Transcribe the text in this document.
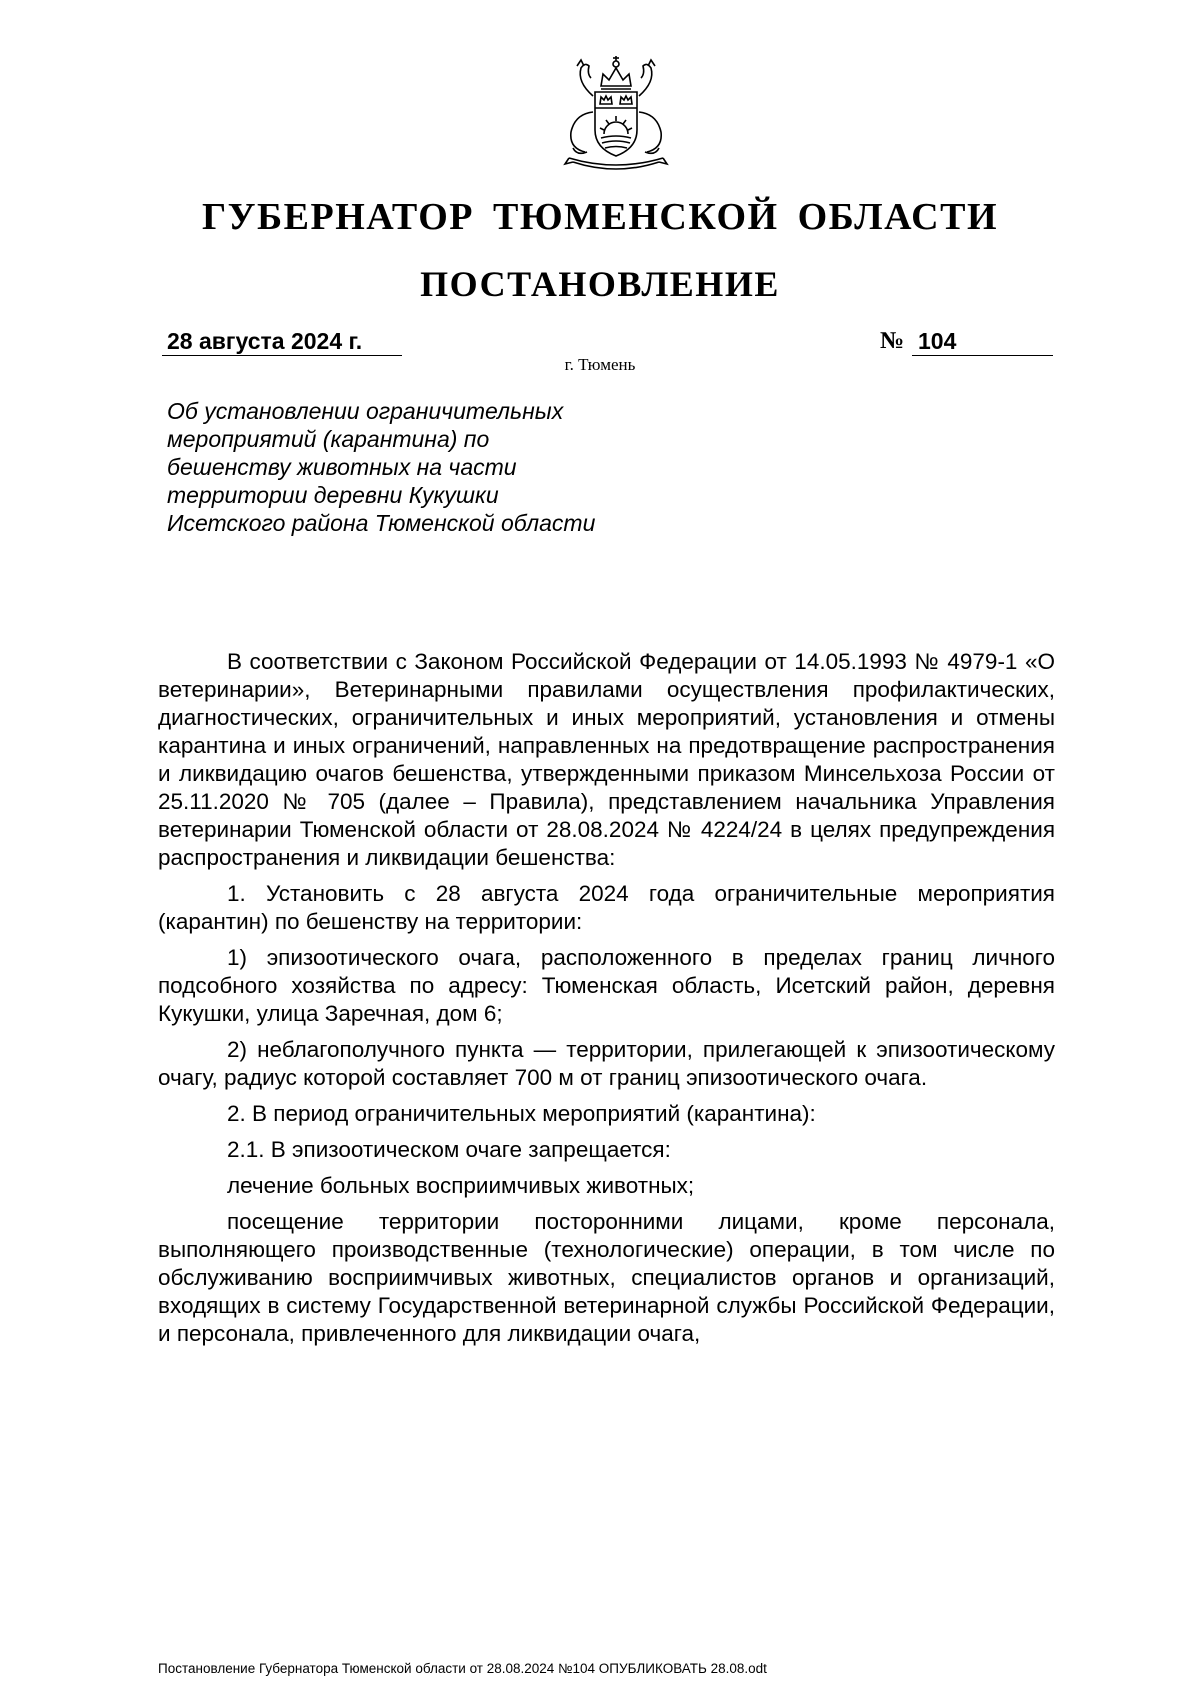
ГУБЕРНАТОР ТЮМЕНСКОЙ ОБЛАСТИ
ПОСТАНОВЛЕНИЕ
28 августа 2024 г.	№ 104
г. Тюмень

Об установлении ограничительных мероприятий (карантина) по бешенству животных на части территории деревни Кукушки Исетского района Тюменской области

В соответствии с Законом Российской Федерации от 14.05.1993 № 4979-1 «О ветеринарии», Ветеринарными правилами осуществления профилактических, диагностических, ограничительных и иных мероприятий, установления и отмены карантина и иных ограничений, направленных на предотвращение распространения и ликвидацию очагов бешенства, утвержденными приказом Минсельхоза России от 25.11.2020 № 705 (далее – Правила), представлением начальника Управления ветеринарии Тюменской области от 28.08.2024 № 4224/24 в целях предупреждения распространения и ликвидации бешенства:

1. Установить с 28 августа 2024 года ограничительные мероприятия (карантин) по бешенству на территории:

1) эпизоотического очага, расположенного в пределах границ личного подсобного хозяйства по адресу: Тюменская область, Исетский район, деревня Кукушки, улица Заречная, дом 6;

2) неблагополучного пункта — территории, прилегающей к эпизоотическому очагу, радиус которой составляет 700 м от границ эпизоотического очага.

2. В период ограничительных мероприятий (карантина):

2.1. В эпизоотическом очаге запрещается:

лечение больных восприимчивых животных;

посещение территории посторонними лицами, кроме персонала, выполняющего производственные (технологические) операции, в том числе по обслуживанию восприимчивых животных, специалистов органов и организаций, входящих в систему Государственной ветеринарной службы Российской Федерации, и персонала, привлеченного для ликвидации очага,

Постановление Губернатора Тюменской области от 28.08.2024 №104 ОПУБЛИКОВАТЬ 28.08.odt
